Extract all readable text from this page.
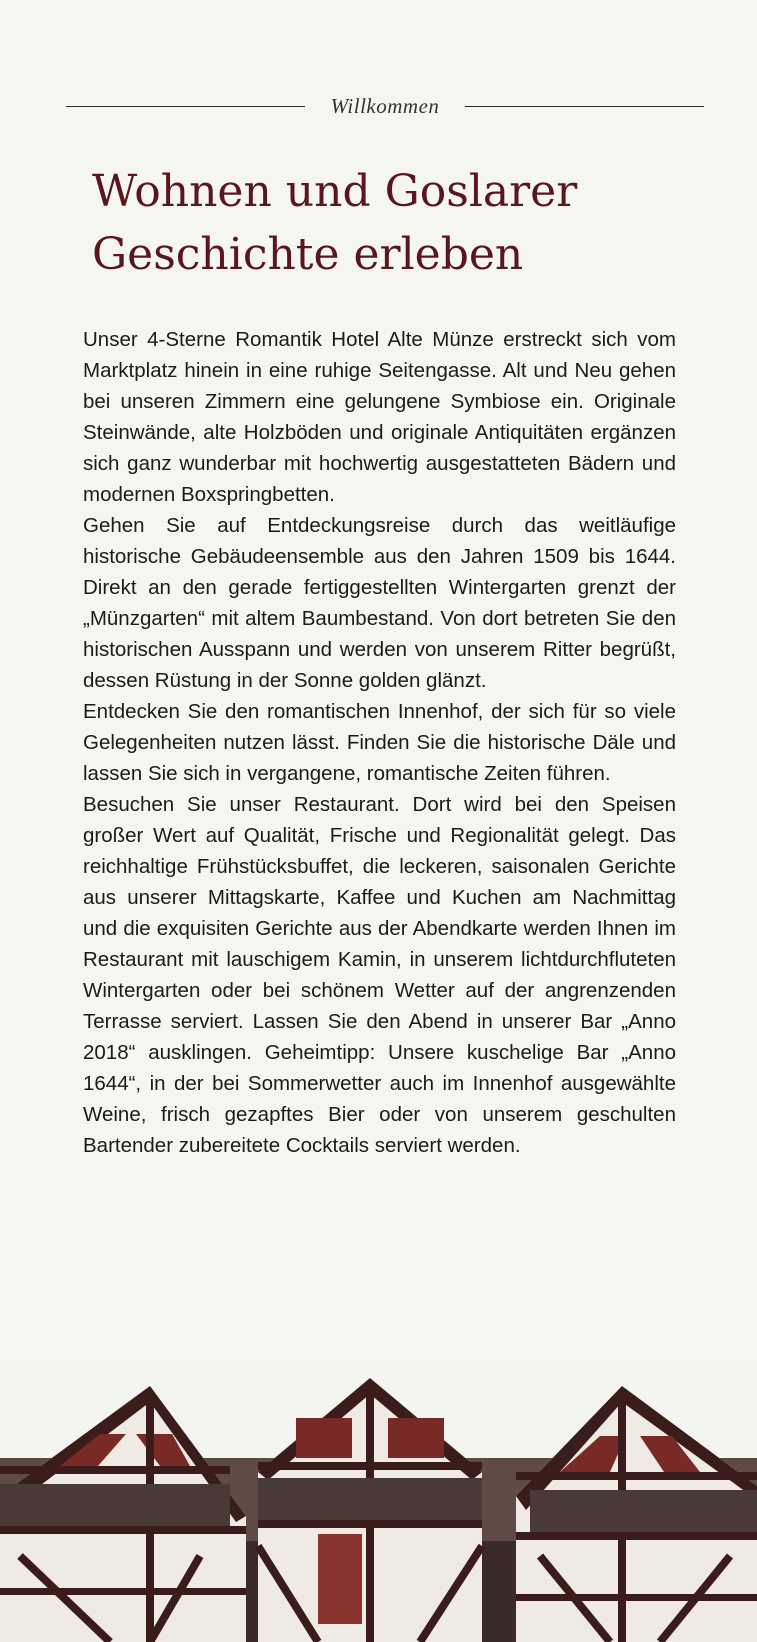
Willkommen
Wohnen und Goslarer
Geschichte erleben

Unser 4-Sterne Romantik Hotel Alte Münze erstreckt sich vom Marktplatz hinein in eine ruhige Seitengasse. Alt und Neu gehen bei unseren Zimmern eine gelungene Symbiose ein. Originale Steinwände, alte Holzböden und originale Antiquitäten ergänzen sich ganz wunderbar mit hochwertig ausgestatteten Bädern und modernen Boxspringbetten.

Gehen Sie auf Entdeckungsreise durch das weitläufige historische Gebäudeensemble aus den Jahren 1509 bis 1644. Direkt an den gerade fertiggestellten Wintergarten grenzt der „Münzgarten“ mit altem Baumbestand. Von dort betreten Sie den historischen Ausspann und werden von unserem Ritter begrüßt, dessen Rüstung in der Sonne golden glänzt.

Entdecken Sie den romantischen Innenhof, der sich für so viele Gelegenheiten nutzen lässt. Finden Sie die historische Däle und lassen Sie sich in vergangene, romantische Zeiten führen.

Besuchen Sie unser Restaurant. Dort wird bei den Speisen großer Wert auf Qualität, Frische und Regionalität gelegt. Das reichhaltige Frühstücksbuffet, die leckeren, saisonalen Gerichte aus unserer Mittagskarte, Kaffee und Kuchen am Nachmittag und die exquisiten Gerichte aus der Abendkarte werden Ihnen im Restaurant mit lauschigem Kamin, in unserem lichtdurchfluteten Wintergarten oder bei schönem Wetter auf der angrenzenden Terrasse serviert. Lassen Sie den Abend in unserer Bar „Anno 2018“ ausklingen. Geheimtipp: Unsere kuschelige Bar „Anno 1644“, in der bei Sommerwetter auch im Innenhof ausgewählte Weine, frisch gezapftes Bier oder von unserem geschulten Bartender zubereitete Cocktails serviert werden.
